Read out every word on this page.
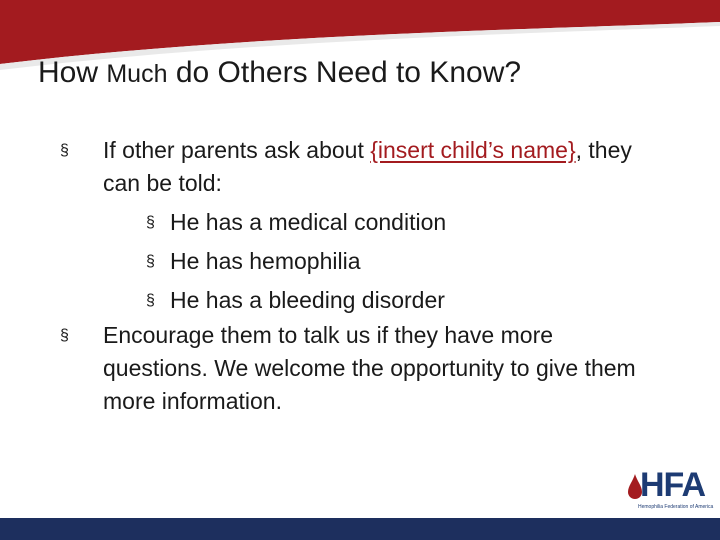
How Much do Others Need to Know?
§ If other parents ask about {insert child’s name}, they can be told:
§ He has a medical condition
§ He has hemophilia
§ He has a bleeding disorder
§ Encourage them to talk us if they have more questions. We welcome the opportunity to give them more information.
HFA
Hemophilia Federation of America
